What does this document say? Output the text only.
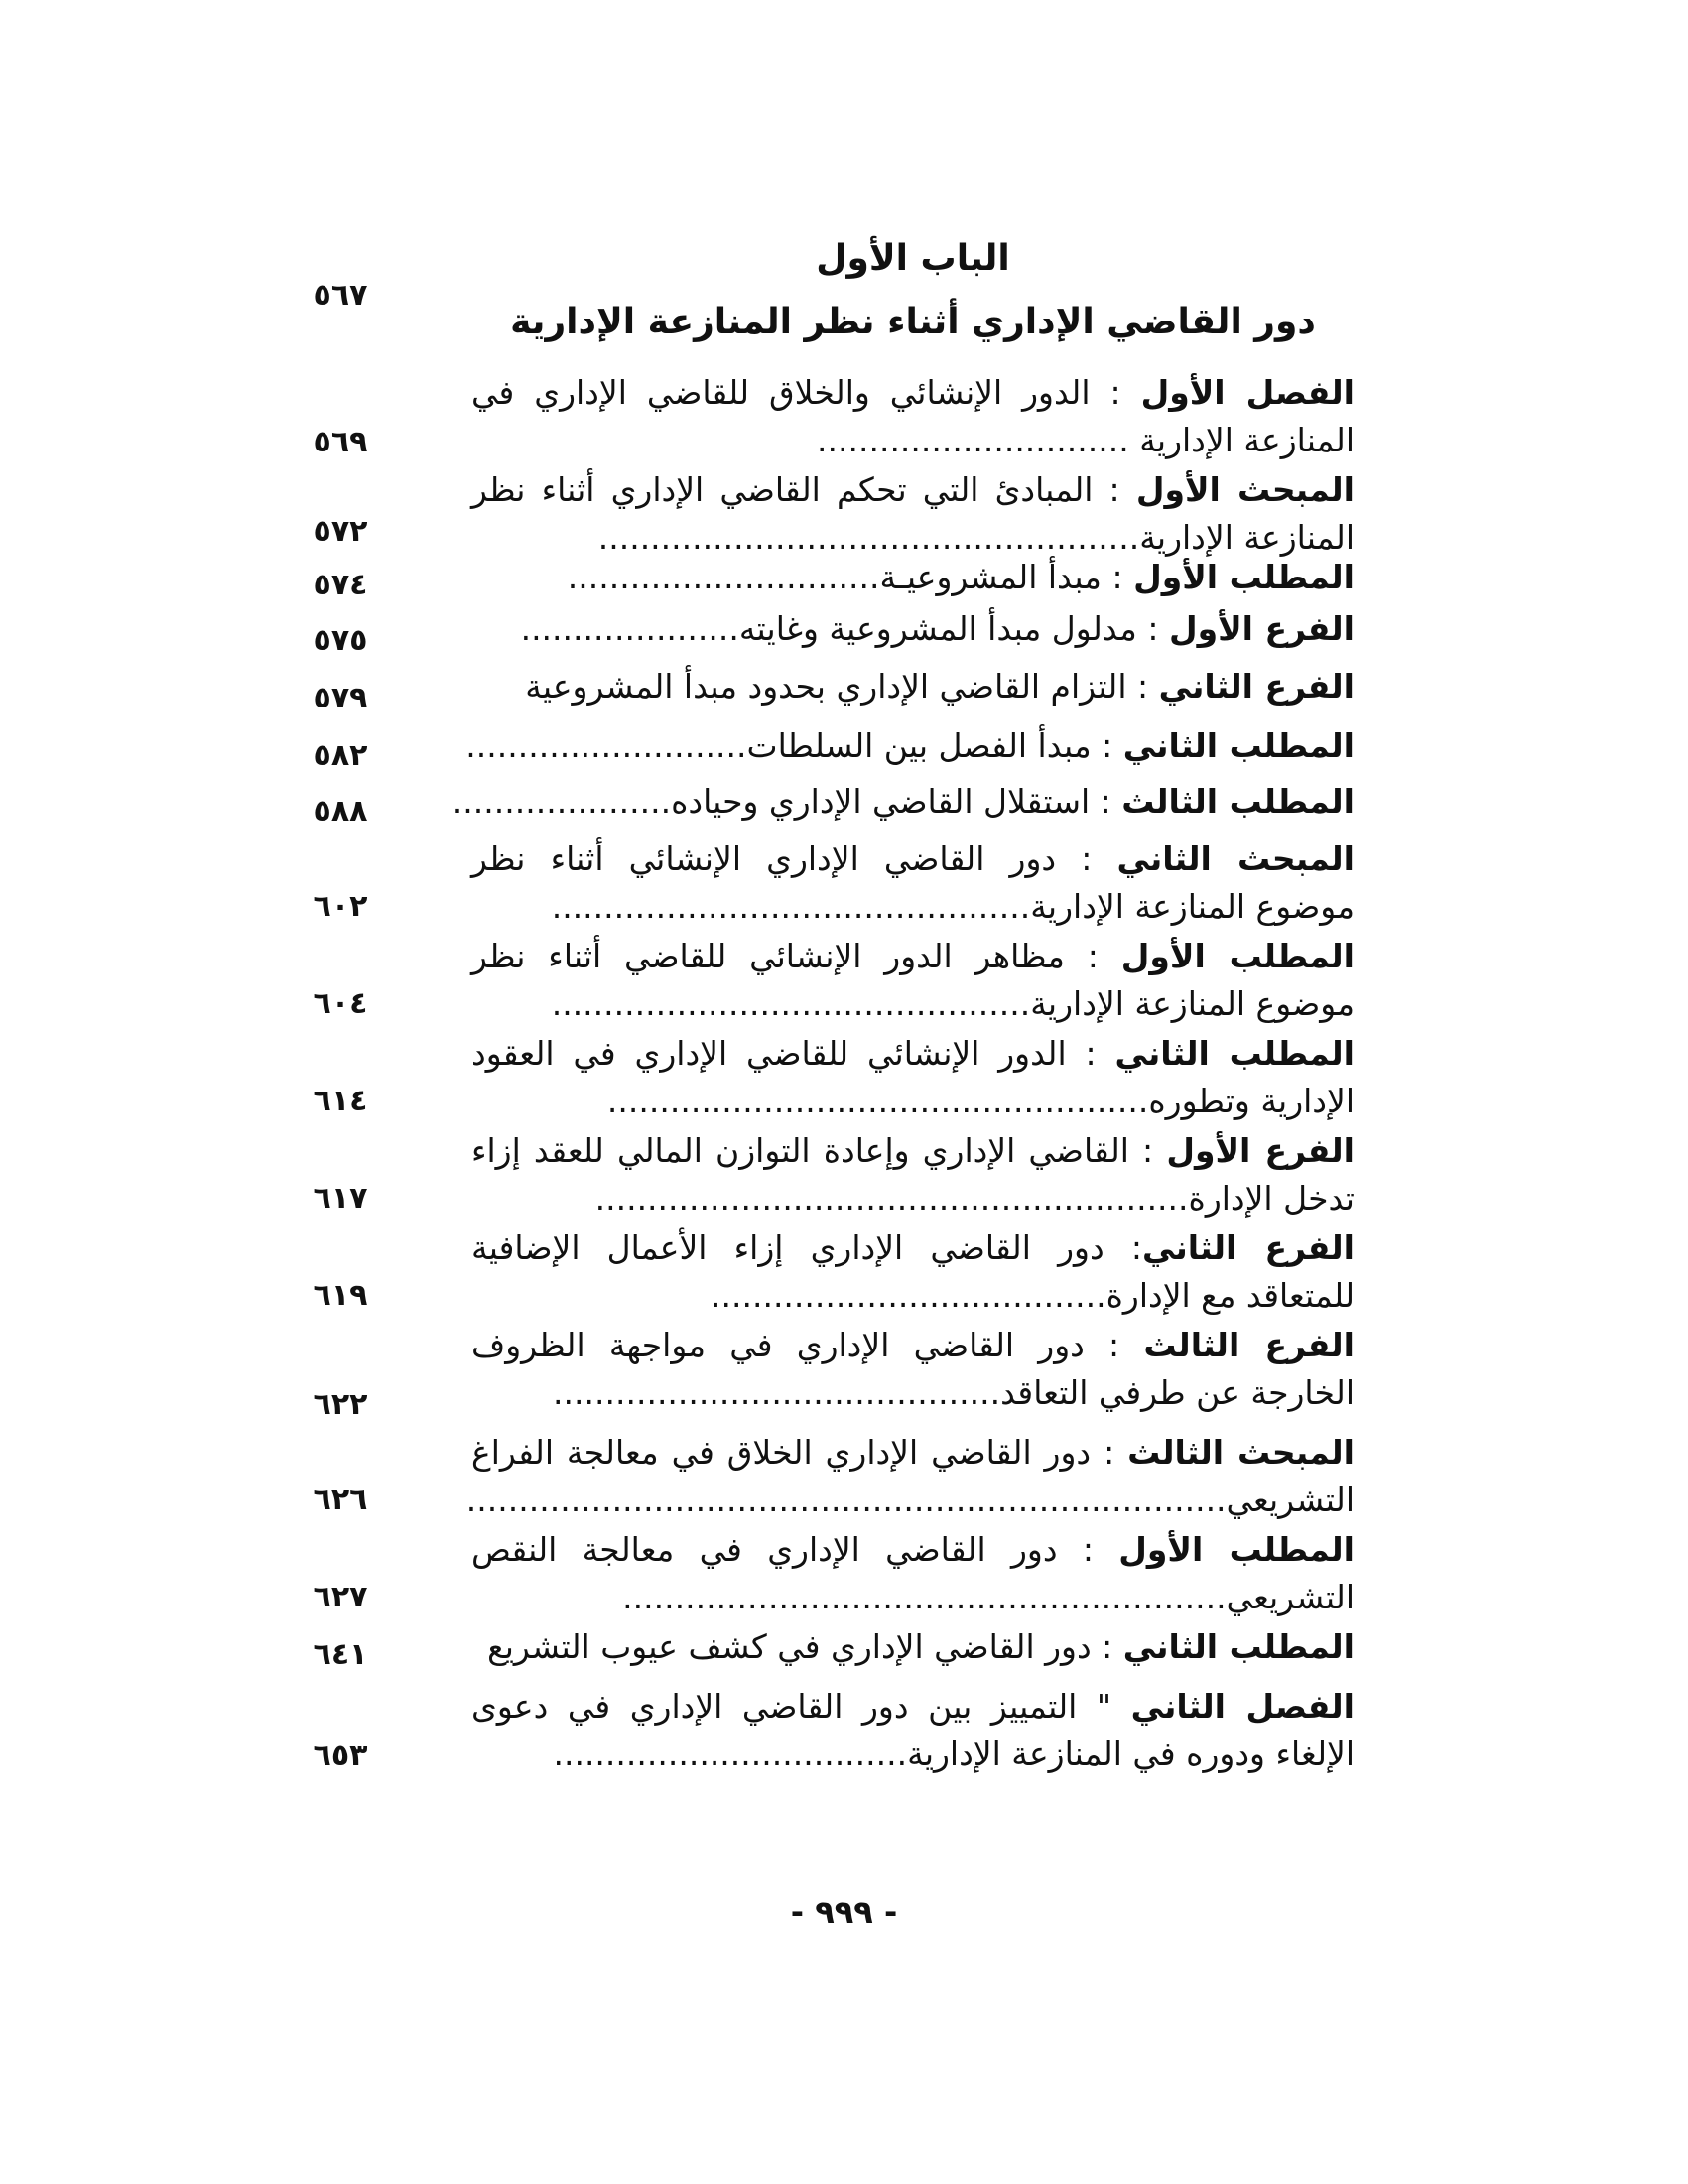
الباب الأول
دور القاضي الإداري أثناء نظر المنازعة الإدارية
٥٦٧
الفصل الأول : الدور الإنشائي والخلاق للقاضي الإداري في
المنازعة الإدارية ..............................
٥٦٩
المبحث الأول : المبادئ التي تحكم القاضي الإداري أثناء نظر
المنازعة الإدارية....................................................
٥٧٢
المطلب الأول : مبدأ المشروعيـة..............................
٥٧٤
الفرع الأول : مدلول مبدأ المشروعية وغايته.....................
٥٧٥
الفرع الثاني : التزام القاضي الإداري بحدود مبدأ المشروعية
٥٧٩
المطلب الثاني : مبدأ الفصل بين السلطات...........................
٥٨٢
المطلب الثالث : استقلال القاضي الإداري وحياده.....................
٥٨٨
المبحث الثاني : دور القاضي الإداري الإنشائي أثناء نظر
موضوع المنازعة الإدارية..............................................
٦٠٢
المطلب الأول : مظاهر الدور الإنشائي للقاضي أثناء نظر
موضوع المنازعة الإدارية..............................................
٦٠٤
المطلب الثاني : الدور الإنشائي للقاضي الإداري في العقود
الإدارية وتطوره....................................................
٦١٤
الفرع الأول : القاضي الإداري وإعادة التوازن المالي للعقد إزاء
تدخل الإدارة.........................................................
٦١٧
الفرع الثاني: دور القاضي الإداري إزاء الأعمال الإضافية
للمتعاقد مع الإدارة......................................
٦١٩
الفرع الثالث : دور القاضي الإداري في مواجهة الظروف
الخارجة عن طرفي التعاقد...........................................
٦٢٢
المبحث الثالث : دور القاضي الإداري الخلاق في معالجة الفراغ
التشريعي.........................................................................
٦٢٦
المطلب الأول : دور القاضي الإداري في معالجة النقص
التشريعي..........................................................
٦٢٧
المطلب الثاني : دور القاضي الإداري في كشف عيوب التشريع
٦٤١
الفصل الثاني " التمييز بين دور القاضي الإداري في دعوى
الإلغاء ودوره في المنازعة الإدارية..................................
٦٥٣
- ٩٩٩ -
